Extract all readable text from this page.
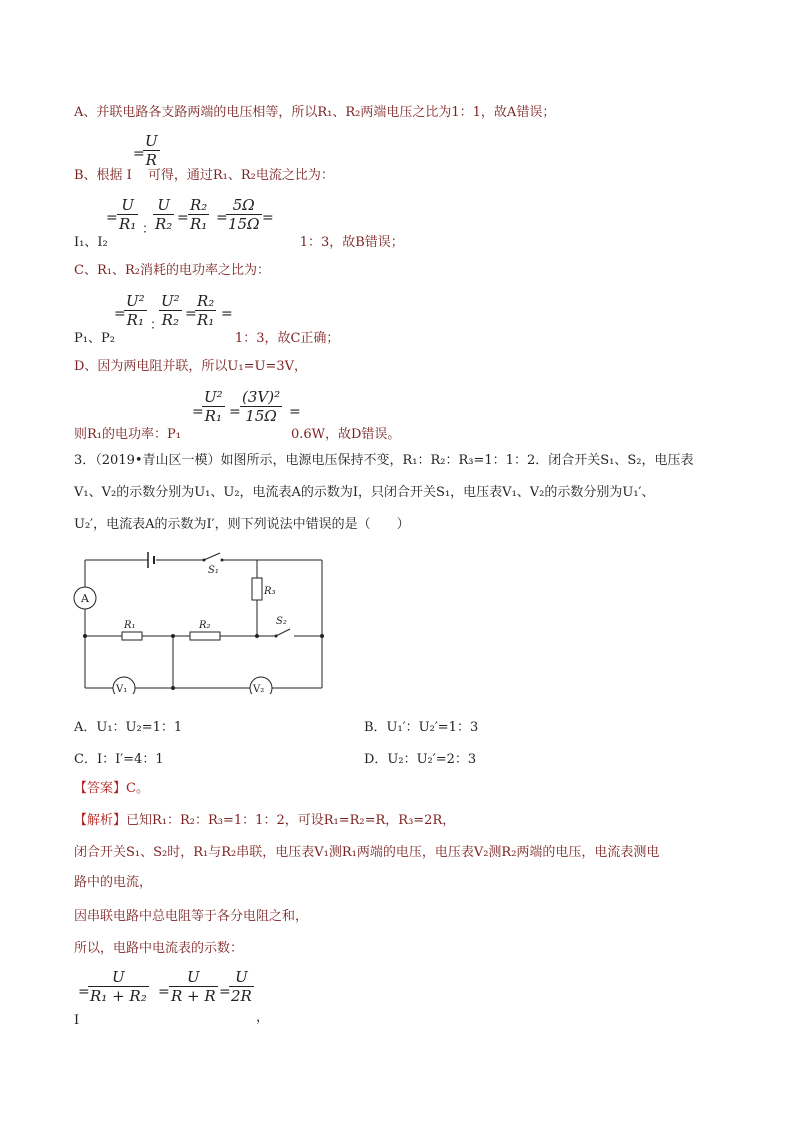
A、并联电路各支路两端的电压相等，所以R₁、R₂两端电压之比为1：1，故A错误；
=
U
R
B、根据 I 可得，通过R₁、R₂电流之比为：
=
U
R₁ ：
U
R₂ =
R₂
R₁ =
5Ω
15Ω =
I₁、I₂	1：3，故B错误；
C、R₁、R₂消耗的电功率之比为：
=
U²
R₁ ：
U²
R₂ =
R₂
R₁ =
P₁、P₂	1：3，故C正确；
D、因为两电阻并联，所以U₁=U=3V，
=
U²
R₁ =
(3V)²
15Ω =
则R₁的电功率：P₁	0.6W，故D错误。
3．（2019•青山区一模）如图所示，电源电压保持不变，R₁：R₂：R₃=1：1：2．闭合开关S₁、S₂，电压表
V₁、V₂的示数分别为U₁、U₂，电流表A的示数为I，只闭合开关S₁，电压表V₁、V₂的示数分别为U₁′、
U₂′，电流表A的示数为I′，则下列说法中错误的是（　　）
A
S₁
R₃
S₂
R₁	R₂
V₁	V₂
A．U₁：U₂=1：1	B．U₁′：U₂′=1：3
C．I：I′=4：1	D．U₂：U₂′=2：3
【答案】C。
【解析】已知R₁：R₂：R₃=1：1：2，可设R₁=R₂=R，R₃=2R，
闭合开关S₁、S₂时，R₁与R₂串联，电压表V₁测R₁两端的电压，电压表V₂测R₂两端的电压，电流表测电
路中的电流，
因串联电路中总电阻等于各分电阻之和，
所以，电路中电流表的示数：
=
U
R₁ + R₂ =
U
R + R =
U
2R
，
I
